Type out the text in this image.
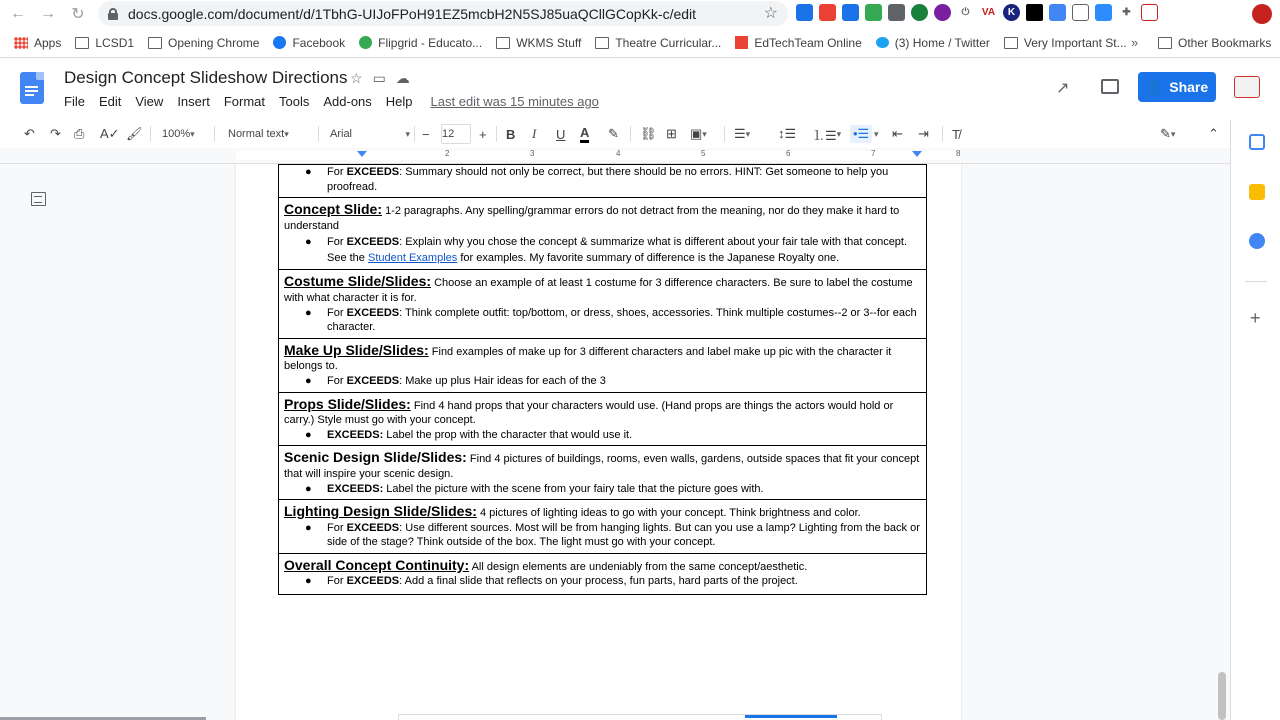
← → ↻	docs.google.com/document/d/1TbhG-UIJoFPoH91EZ5mcbH2N5SJ85uaQCllGCopKk-c/edit	☆	⏻	VA	K	✚
Apps	LCSD1	Opening Chrome	Facebook	Flipgrid - Educato...	WKMS Stuff	Theatre Curricular...	EdTechTeam Online	(3) Home / Twitter	Very Important St... »	Other Bookmarks
Design Concept Slideshow Directions ☆ ▭ ☁
File Edit View Insert Format Tools Add-ons Help Last edit was 15 minutes ago
↗	👤 Share
↶ ↷ ⎙ A✓ 🖌 100% ▾	Normal text ▾	Arial	▾ − 12	+ B I U A ✎ ⛓ ⊞ ▣ ▾	☰ ▾	↕☰ ⒈☰ ▾	•☰ ▾ ⇤ ⇥ T̸	✎ ▾	⌃
+
2	3	4	5	6	7	8
●	For EXCEEDS: Summary should not only be correct, but there should be no errors. HINT: Get someone to help you proofread.

Concept Slide: 1-2 paragraphs. Any spelling/grammar errors do not detract from the meaning, nor do they make it hard to understand
●	For EXCEEDS: Explain why you chose the concept & summarize what is different about your fair tale with that concept. See the Student Examples for examples. My favorite summary of difference is the Japanese Royalty one.

Costume Slide/Slides: Choose an example of at least 1 costume for 3 difference characters. Be sure to label the costume with what character it is for.
●	For EXCEEDS: Think complete outfit: top/bottom, or dress, shoes, accessories. Think multiple costumes--2 or 3--for each character.

Make Up Slide/Slides: Find examples of make up for 3 different characters and label make up pic with the character it belongs to.
●	For EXCEEDS: Make up plus Hair ideas for each of the 3

Props Slide/Slides: Find 4 hand props that your characters would use. (Hand props are things the actors would hold or carry.) Style must go with your concept.
●	EXCEEDS: Label the prop with the character that would use it.

Scenic Design Slide/Slides: Find 4 pictures of buildings, rooms, even walls, gardens, outside spaces that fit your concept that will inspire your scenic design.
●	EXCEEDS: Label the picture with the scene from your fairy tale that the picture goes with.

Lighting Design Slide/Slides: 4 pictures of lighting ideas to go with your concept. Think brightness and color.
●	For EXCEEDS: Use different sources. Most will be from hanging lights. But can you use a lamp? Lighting from the back or side of the stage? Think outside of the box. The light must go with your concept.

Overall Concept Continuity: All design elements are undeniably from the same concept/aesthetic.
●	For EXCEEDS: Add a final slide that reflects on your process, fun parts, hard parts of the project.
